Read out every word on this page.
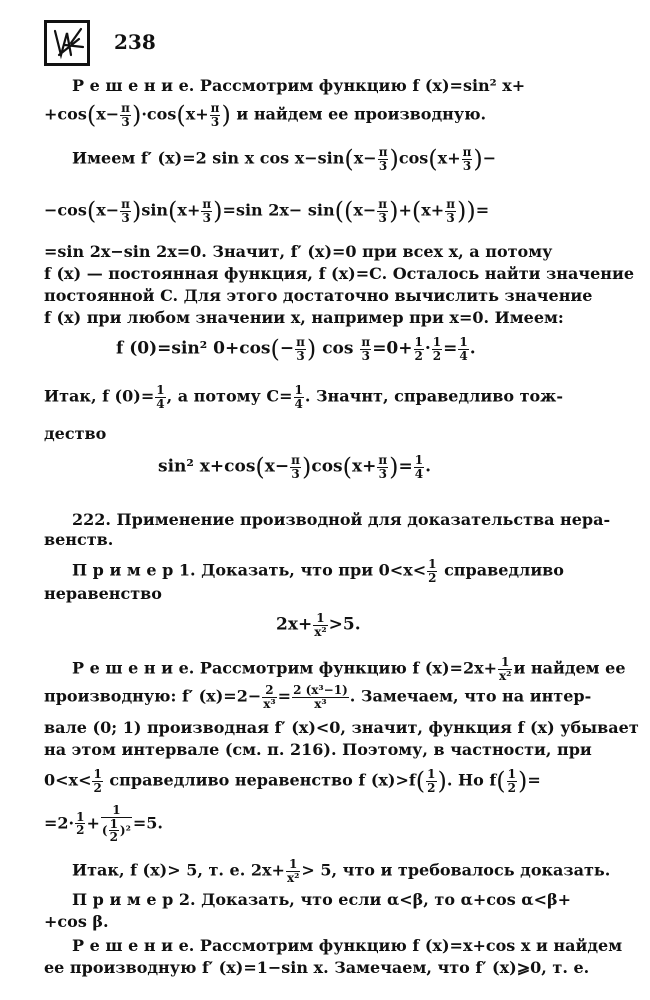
238
Р е ш е н и е. Рассмотрим функцию f (x)=sin² x+
$+\cos(x- \frac{\pi}{3} )\cdot\cos(x+ \frac{\pi}{3}$ ) и найдем ее производную.
Имеем f′ (x)=2 sin x $\cos x-\sin(x- \frac{\pi}{3} )\cos(x+ \frac{\pi}{3}$ )−
$-\cos(x- \frac{\pi}{3} )\sin(x+ \frac{\pi}{3} )=\sin$ $2x- \sin((x- \frac{\pi}{3} )+(x+ \frac{\pi}{3}$ ))=
=sin 2x−sin 2x=0. Значит, f′ (x)=0 при всех x, а потому
f (x) — постоянная функция, f (x)=C. Осталось найти значение
постоянной C. Для этого достаточно вычислить значение
f (x) при любом значении x, например при x=0. Имеем:
f (0)=sin² $0+\cos(- \frac{\pi}{3}$ ) $\cos \frac{\pi}{3} =0+ \frac{1}{2} \cdot \frac{1}{2} = \frac{1}{4}$ .
Итак, f $(0)= \frac{1}{4}$ , а потому $C= \frac{1}{4}$ . Значнт, справедливо тож-
дество
sin² $x+\cos(x- \frac{\pi}{3} )\cos(x+ \frac{\pi}{3}$ )= $\frac{1}{4}$ .
222. Применение производной для доказательства нера-
венств.
П р и м е р 1. Доказать, что при $0<x< \frac{1}{2}$ справедливо
неравенство
$2x+ \frac{1}{\text{x²}} >5$.
Р е ш е н и е. Рассмотрим функцию f $(x)=2x+ \frac{1}{\text{x²}}$ и найдем ее
производную: f′ $(x)=2- \frac{2}{\text{x³}} = \frac{\text{2 (x³−1)}}{\text{x³}}$ . Замечаем, что на интер-
вале (0; 1) производная f′ (x)<0, значит, функция f (x) убывает
на этом интервале (см. п. 216). Поэтому, в частности, при
$0<x< \frac{1}{2}$ справедливо неравенство f $(x)>f( \frac{1}{2}$ ). Но $f( \frac{1}{2}$ )=
$=2\cdot \frac{1}{2} + \frac{1}{( \frac{1}{2} )^2} =5$.
Итак, f (x)> 5, т. е. $2x+ \frac{1}{\text{x²}} > 5$, что и требовалось доказать.
П р и м е р 2. Доказать, что если α<β, то α+cos α<β+
+cos β.
Р е ш е н и е. Рассмотрим функцию f (x)=x+cos x и найдем
ее производную f′ (x)=1−sin x. Замечаем, что f′ (x)⩾0, т. е.
